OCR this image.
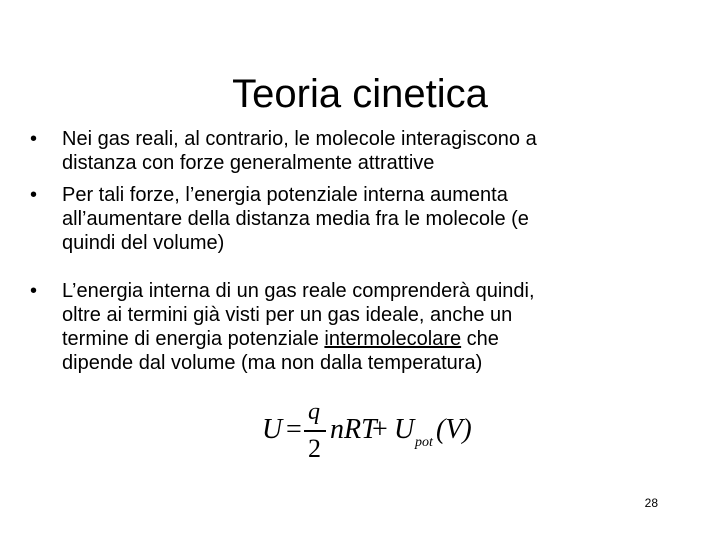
Teoria cinetica
•	Nei gas reali, al contrario, le molecole interagiscono a
distanza con forze generalmente attrattive
•	Per tali forze, l’energia potenziale interna aumenta
all’aumentare della distanza media fra le molecole (e
quindi del volume)
•	L’energia interna di un gas reale comprenderà quindi,
oltre ai termini già visti per un gas ideale, anche un
termine di energia potenziale intermolecolare che
dipende dal volume (ma non dalla temperatura)
U =
q
2
nRT
+ U pot (V)
28
